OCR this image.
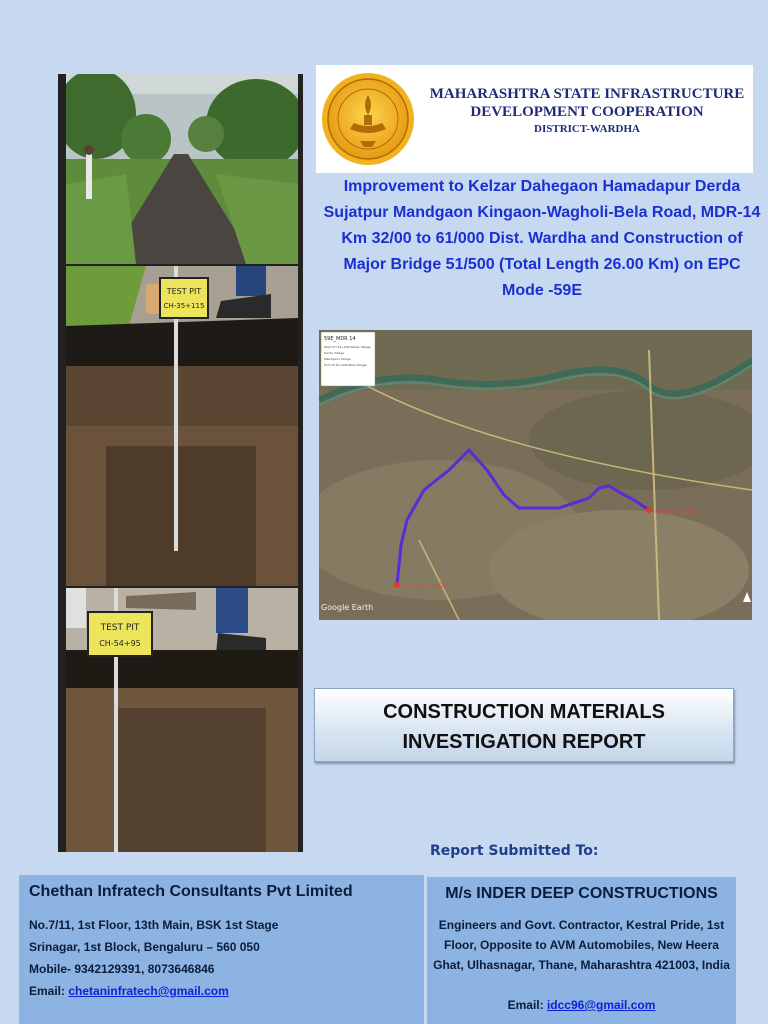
TEST PIT
CH-35+115
TEST PIT
CH-54+95
MAHARASHTRA STATE INFRASTRUCTURE
DEVELOPMENT COOPERATION
DISTRICT-WARDHA
Improvement to Kelzar Dahegaon Hamadapur Derda Sujatpur Mandgaon Kingaon-Wagholi-Bela Road, MDR-14 Km 32/00 to 61/000 Dist. Wardha and Construction of Major Bridge 51/500 (Total Length 26.00 Km) on EPC Mode -59E
CH 32+000
CH 61+000
59E_MDR 14
Start CH 32+000 Kelzar Village
Derda Village
Mandgaon Village
End CH 61+000 Bela Village
Google Earth
CONSTRUCTION MATERIALS
INVESTIGATION REPORT
Report Submitted To:
Chethan Infratech Consultants Pvt Limited
No.7/11, 1st Floor, 13th Main, BSK 1st Stage
Srinagar, 1st Block, Bengaluru – 560 050
Mobile- 9342129391, 8073646846
Email: chetaninfratech@gmail.com
M/s INDER DEEP CONSTRUCTIONS
Engineers and Govt. Contractor, Kestral Pride, 1st Floor, Opposite to AVM Automobiles, New Heera Ghat, Ulhasnagar, Thane, Maharashtra 421003, India
Email: idcc96@gmail.com
